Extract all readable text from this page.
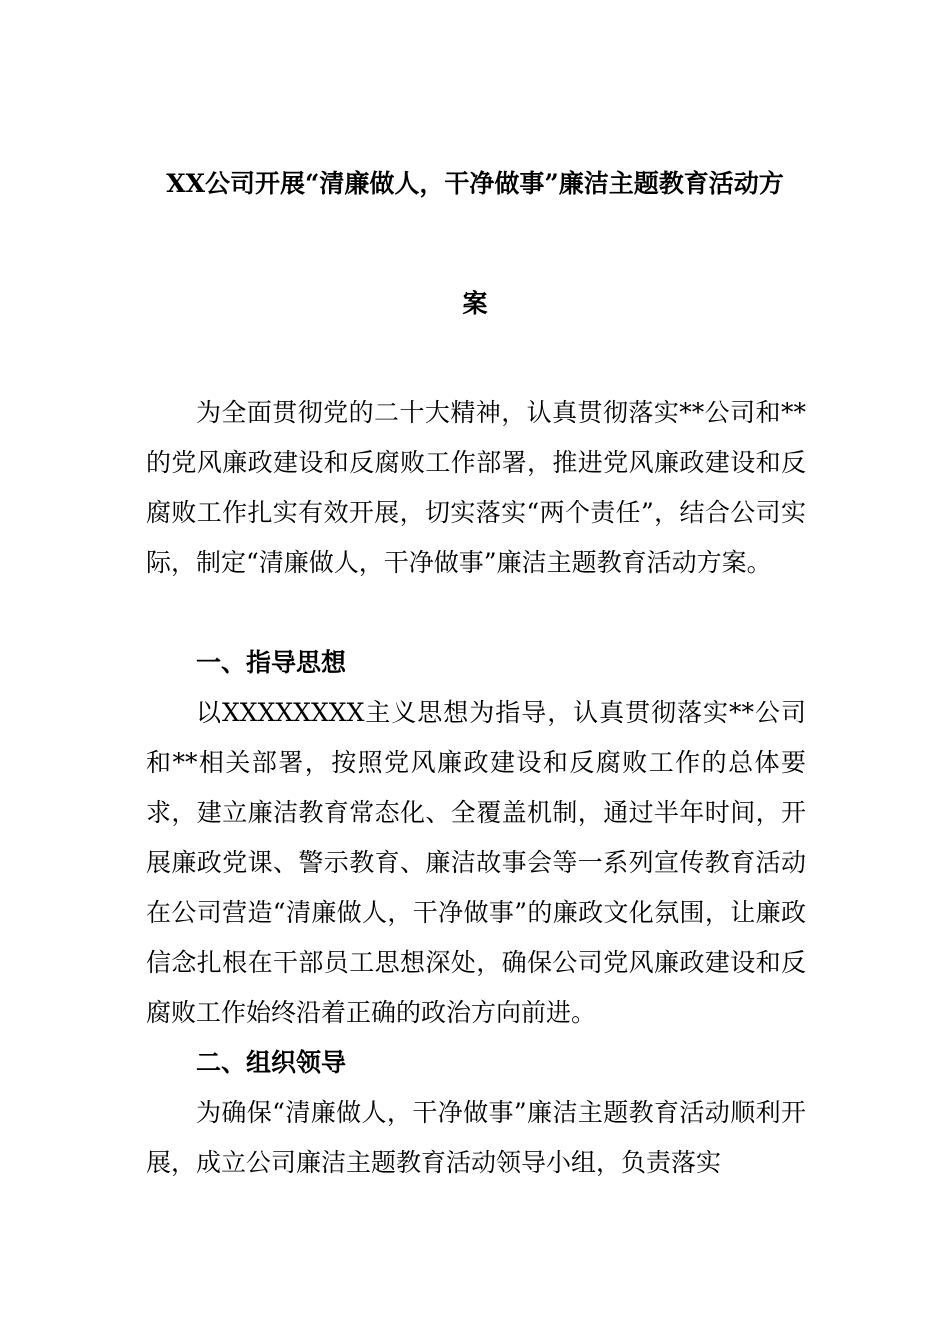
XX公司开展“清廉做人，干净做事”廉洁主题教育活动方
案

为全面贯彻党的二十大精神，认真贯彻落实**公司和**的党风廉政建设和反腐败工作部署，推进党风廉政建设和反腐败工作扎实有效开展，切实落实“两个责任”，结合公司实际，制定“清廉做人，干净做事”廉洁主题教育活动方案。

一、指导思想

以XXXXXXXX主义思想为指导，认真贯彻落实**公司和**相关部署，按照党风廉政建设和反腐败工作的总体要求，建立廉洁教育常态化、全覆盖机制，通过半年时间，开展廉政党课、警示教育、廉洁故事会等一系列宣传教育活动在公司营造“清廉做人，干净做事”的廉政文化氛围，让廉政信念扎根在干部员工思想深处，确保公司党风廉政建设和反腐败工作始终沿着正确的政治方向前进。

二、组织领导

为确保“清廉做人，干净做事”廉洁主题教育活动顺利开展，成立公司廉洁主题教育活动领导小组，负责落实
